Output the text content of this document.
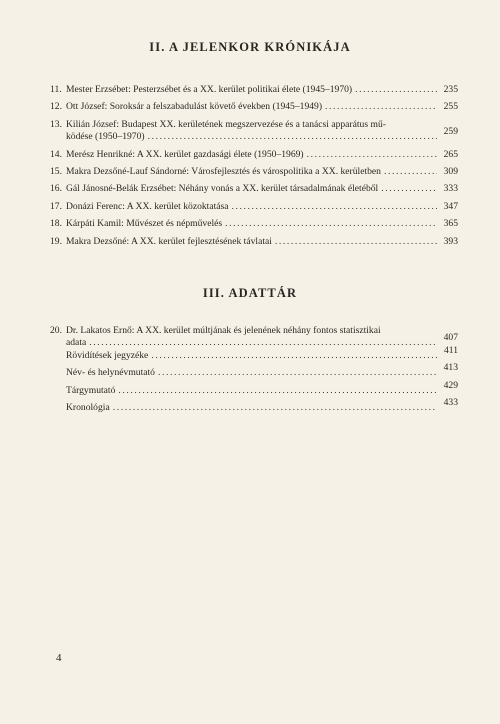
II. A JELENKOR KRÓNIKÁJA
11. Mester Erzsébet: Pesterzsébet és a XX. kerület politikai élete (1945–1970) .....	235
12. Ott József: Soroksár a felszabadulást követő években (1945–1949) .....	255
13. Kilián József: Budapest XX. kerületének megszervezése és a tanácsi apparátus mű-
ködése (1950–1970) .....	259
14. Merész Henrikné: A XX. kerület gazdasági élete (1950–1969) .....	265
15. Makra Dezsőné-Lauf Sándorné: Városfejlesztés és várospolitika a XX. kerületben .....	309
16. Gál Jánosné-Belák Erzsébet: Néhány vonás a XX. kerület társadalmának életéből .....	333
17. Donázi Ferenc: A XX. kerület közoktatása .....	347
18. Kárpáti Kamil: Művészet és népművelés .....	365
19. Makra Dezsőné: A XX. kerület fejlesztésének távlatai .....	393
III. ADATTÁR
20. Dr. Lakatos Ernő: A XX. kerület múltjának és jelenének néhány fontos statisztikai
adata .....	407
Rövidítések jegyzéke .....	411
Név- és helynévmutató .....	413
Tárgymutató .....	429
Kronológia .....	433
4
